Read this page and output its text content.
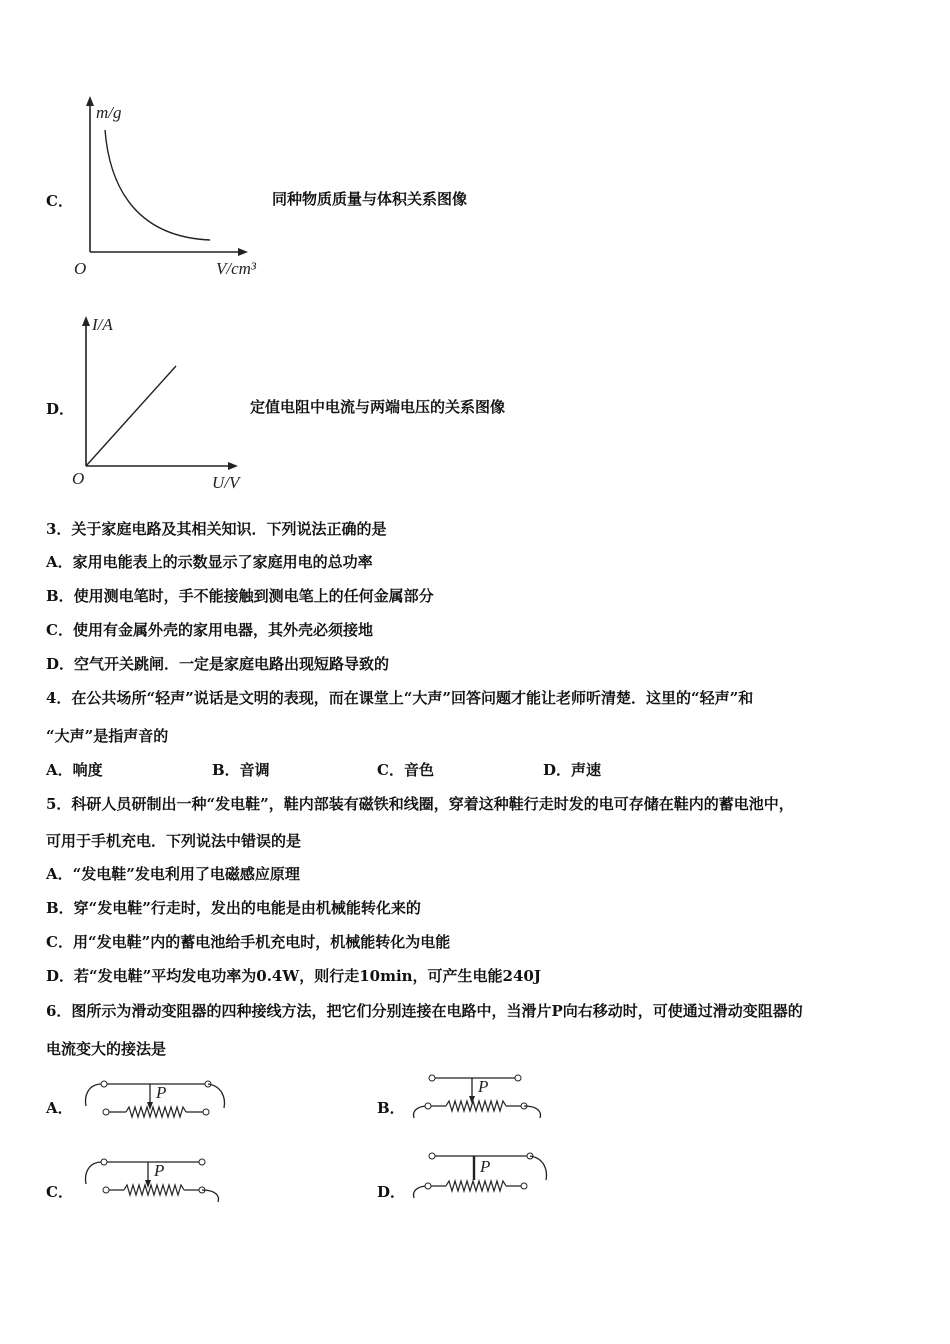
C．
m/g
V/cm³
O
同种物质质量与体积关系图像
D．
I/A
U/V
O
定值电阻中电流与两端电压的关系图像
3．关于家庭电路及其相关知识．下列说法正确的是
A．家用电能表上的示数显示了家庭用电的总功率
B．使用测电笔时，手不能接触到测电笔上的任何金属部分
C．使用有金属外壳的家用电器，其外壳必须接地
D．空气开关跳闸．一定是家庭电路出现短路导致的
4．在公共场所“轻声”说话是文明的表现，而在课堂上“大声”回答问题才能让老师听清楚．这里的“轻声”和
“大声”是指声音的
A．响度	B．音调	C．音色	D．声速
5．科研人员研制出一种“发电鞋”，鞋内部装有磁铁和线圈，穿着这种鞋行走时发的电可存储在鞋内的蓄电池中，
可用于手机充电．下列说法中错误的是
A．“发电鞋”发电利用了电磁感应原理
B．穿“发电鞋”行走时，发出的电能是由机械能转化来的
C．用“发电鞋”内的蓄电池给手机充电时，机械能转化为电能
D．若“发电鞋”平均发电功率为0.4W，则行走10min，可产生电能240J
6．图所示为滑动变阻器的四种接线方法，把它们分别连接在电路中，当滑片P向右移动时，可使通过滑动变阻器的
电流变大的接法是
A．
P
B．
P
C．
P
D．
P
